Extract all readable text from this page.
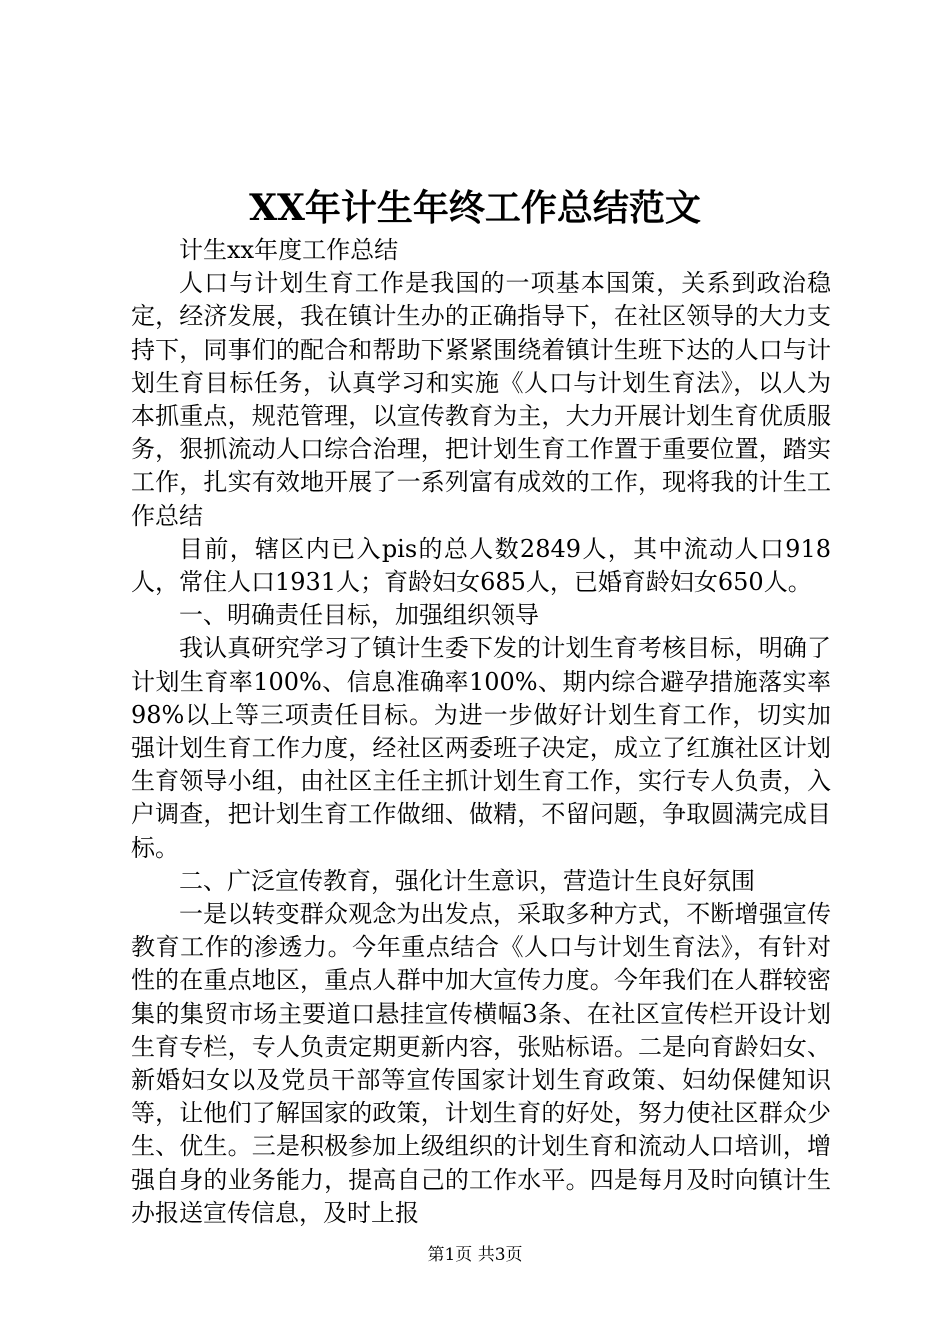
XX年计生年终工作总结范文

计生xx年度工作总结

人口与计划生育工作是我国的一项基本国策，关系到政治稳定，经济发展，我在镇计生办的正确指导下，在社区领导的大力支持下，同事们的配合和帮助下紧紧围绕着镇计生班下达的人口与计划生育目标任务，认真学习和实施《人口与计划生育法》，以人为本抓重点，规范管理，以宣传教育为主，大力开展计划生育优质服务，狠抓流动人口综合治理，把计划生育工作置于重要位置，踏实工作，扎实有效地开展了一系列富有成效的工作，现将我的计生工作总结

目前，辖区内已入pis的总人数2849人，其中流动人口918人，常住人口1931人；育龄妇女685人，已婚育龄妇女650人。

一、明确责任目标，加强组织领导

我认真研究学习了镇计生委下发的计划生育考核目标，明确了计划生育率100%、信息准确率100%、期内综合避孕措施落实率98%以上等三项责任目标。为进一步做好计划生育工作，切实加强计划生育工作力度，经社区两委班子决定，成立了红旗社区计划生育领导小组，由社区主任主抓计划生育工作，实行专人负责，入户调查，把计划生育工作做细、做精，不留问题，争取圆满完成目标。

二、广泛宣传教育，强化计生意识，营造计生良好氛围

一是以转变群众观念为出发点，采取多种方式，不断增强宣传教育工作的渗透力。今年重点结合《人口与计划生育法》，有针对性的在重点地区，重点人群中加大宣传力度。今年我们在人群较密集的集贸市场主要道口悬挂宣传横幅3条、在社区宣传栏开设计划生育专栏，专人负责定期更新内容，张贴标语。二是向育龄妇女、新婚妇女以及党员干部等宣传国家计划生育政策、妇幼保健知识等，让他们了解国家的政策，计划生育的好处，努力使社区群众少生、优生。三是积极参加上级组织的计划生育和流动人口培训，增强自身的业务能力，提高自己的工作水平。四是每月及时向镇计生办报送宣传信息，及时上报

第1页 共3页
